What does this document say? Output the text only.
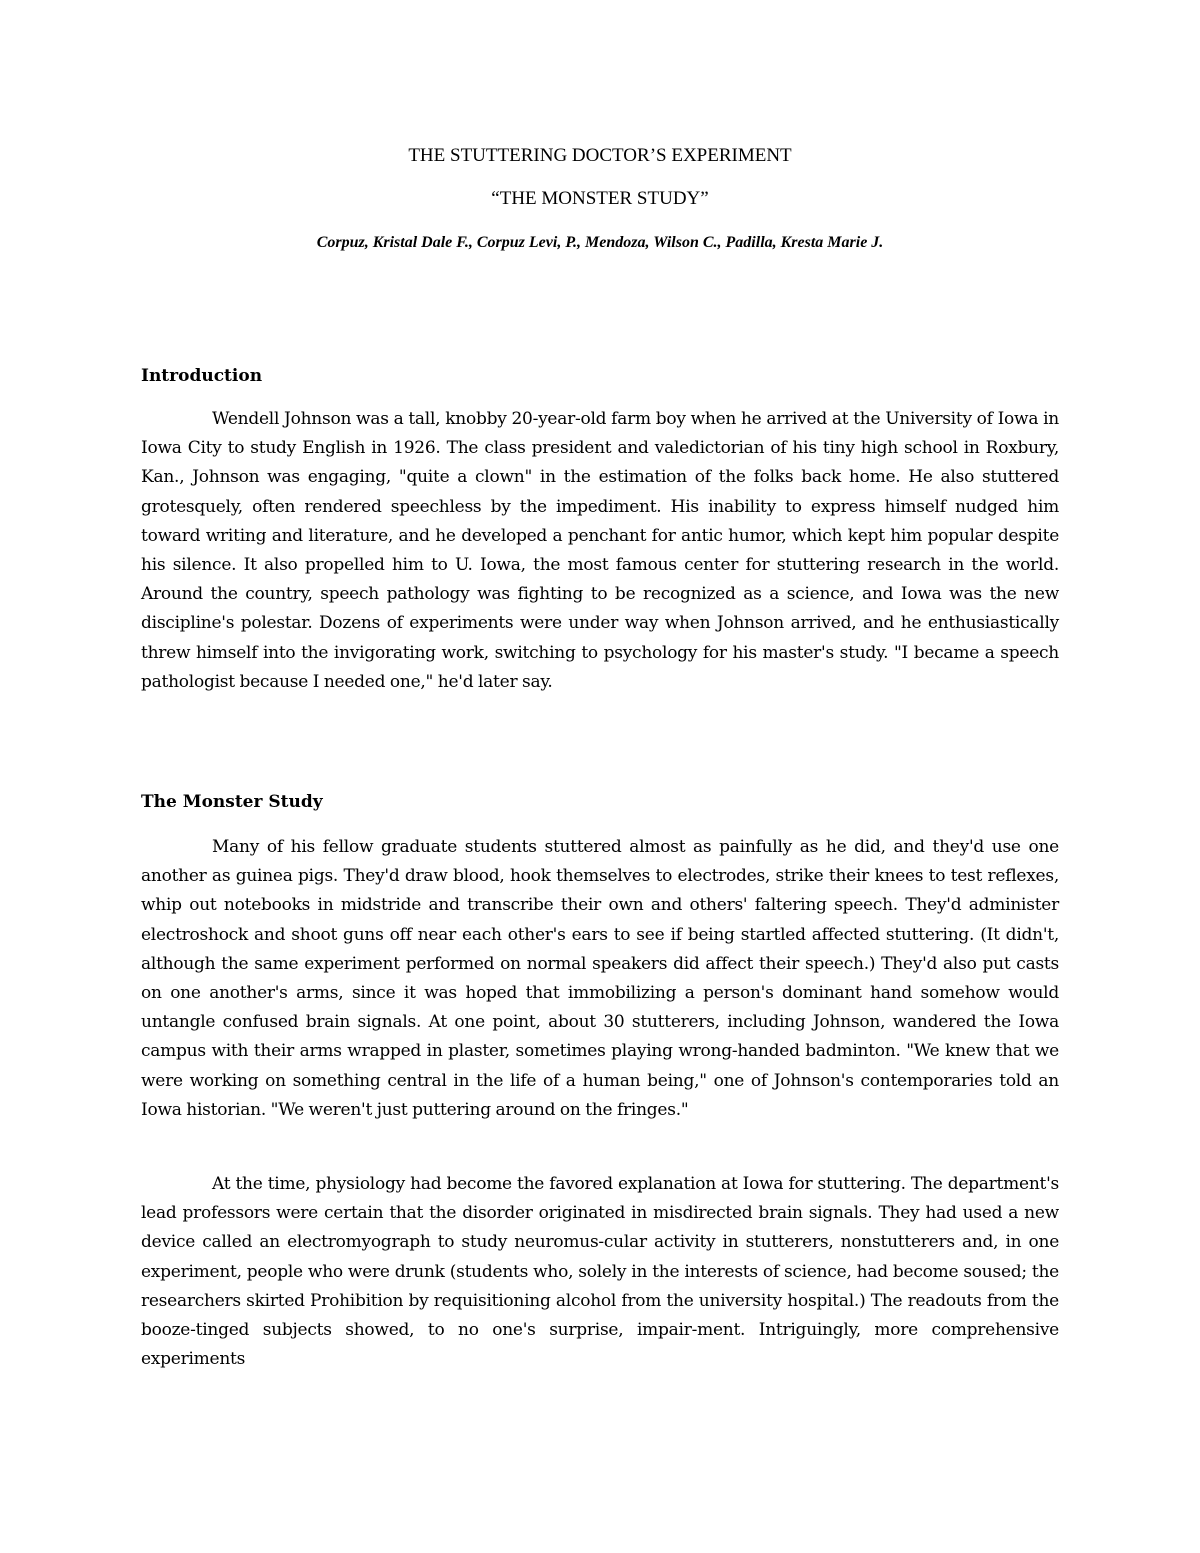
THE STUTTERING DOCTOR’S EXPERIMENT
“THE MONSTER STUDY”
Corpuz, Kristal Dale F., Corpuz Levi, P., Mendoza, Wilson C., Padilla, Kresta Marie J.
Introduction

Wendell Johnson was a tall, knobby 20-year-old farm boy when he arrived at the University of Iowa in Iowa City to study English in 1926. The class president and valedictorian of his tiny high school in Roxbury, Kan., Johnson was engaging, "quite a clown" in the estimation of the folks back home. He also stuttered grotesquely, often rendered speechless by the impediment. His inability to express himself nudged him toward writing and literature, and he developed a penchant for antic humor, which kept him popular despite his silence. It also propelled him to U. Iowa, the most famous center for stuttering research in the world. Around the country, speech pathology was fighting to be recognized as a science, and Iowa was the new discipline's polestar. Dozens of experiments were under way when Johnson arrived, and he enthusiastically threw himself into the invigorating work, switching to psychology for his master's study. "I became a speech pathologist because I needed one," he'd later say.

The Monster Study

Many of his fellow graduate students stuttered almost as painfully as he did, and they'd use one another as guinea pigs. They'd draw blood, hook themselves to electrodes, strike their knees to test reflexes, whip out notebooks in midstride and transcribe their own and others' faltering speech. They'd administer electroshock and shoot guns off near each other's ears to see if being startled affected stuttering. (It didn't, although the same experiment performed on normal speakers did affect their speech.) They'd also put casts on one another's arms, since it was hoped that immobilizing a person's dominant hand somehow would untangle confused brain signals. At one point, about 30 stutterers, including Johnson, wandered the Iowa campus with their arms wrapped in plaster, sometimes playing wrong-handed badminton. "We knew that we were working on something central in the life of a human being," one of Johnson's contemporaries told an Iowa historian. "We weren't just puttering around on the fringes."

At the time, physiology had become the favored explanation at Iowa for stuttering. The department's lead professors were certain that the disorder originated in misdirected brain signals. They had used a new device called an electromyograph to study neuromus-cular activity in stutterers, nonstutterers and, in one experiment, people who were drunk (students who, solely in the interests of science, had become soused; the researchers skirted Prohibition by requisitioning alcohol from the university hospital.) The readouts from the booze-tinged subjects showed, to no one's surprise, impair-ment. Intriguingly, more comprehensive experiments
